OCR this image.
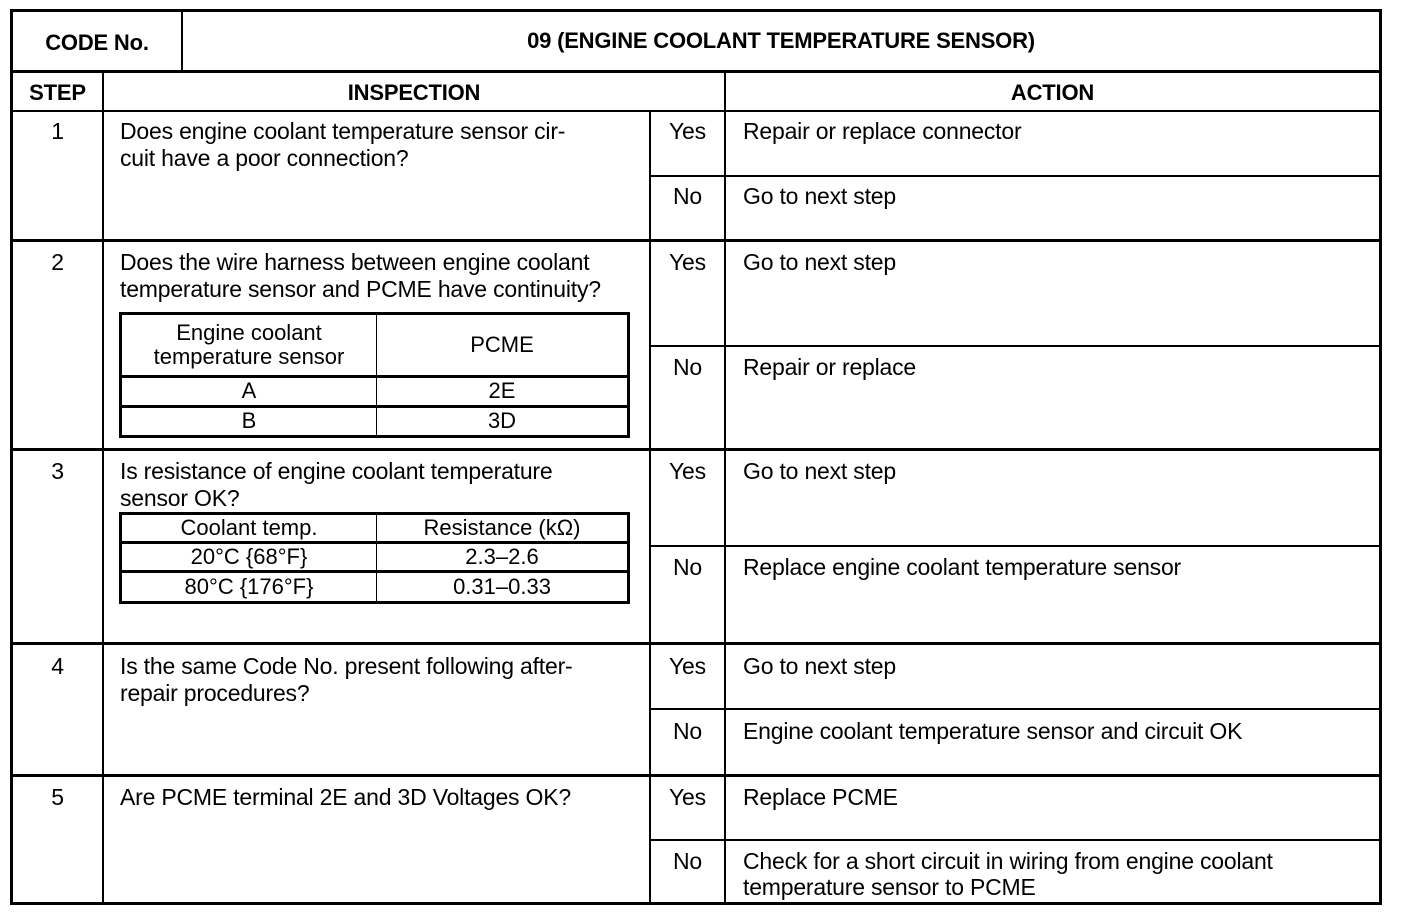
CODE No.	09 (ENGINE COOLANT TEMPERATURE SENSOR)
STEP	INSPECTION	ACTION
1	Does engine coolant temperature sensor cir-
cuit have a poor connection?
Yes	Repair or replace connector
No	Go to next step
2	Does the wire harness between engine coolant
temperature sensor and PCME have continuity?
Engine coolant
temperature sensor	PCME
A	2E
B	3D
Yes	Go to next step
No	Repair or replace
3	Is resistance of engine coolant temperature
sensor OK?
Coolant temp.	Resistance (kΩ)
20°C {68°F}	2.3–2.6
80°C {176°F}	0.31–0.33
Yes	Go to next step
No	Replace engine coolant temperature sensor
4	Is the same Code No. present following after-
repair procedures?
Yes	Go to next step
No	Engine coolant temperature sensor and circuit OK
5	Are PCME terminal 2E and 3D Voltages OK?	Yes	Replace PCME
No	Check for a short circuit in wiring from engine coolant
temperature sensor to PCME
